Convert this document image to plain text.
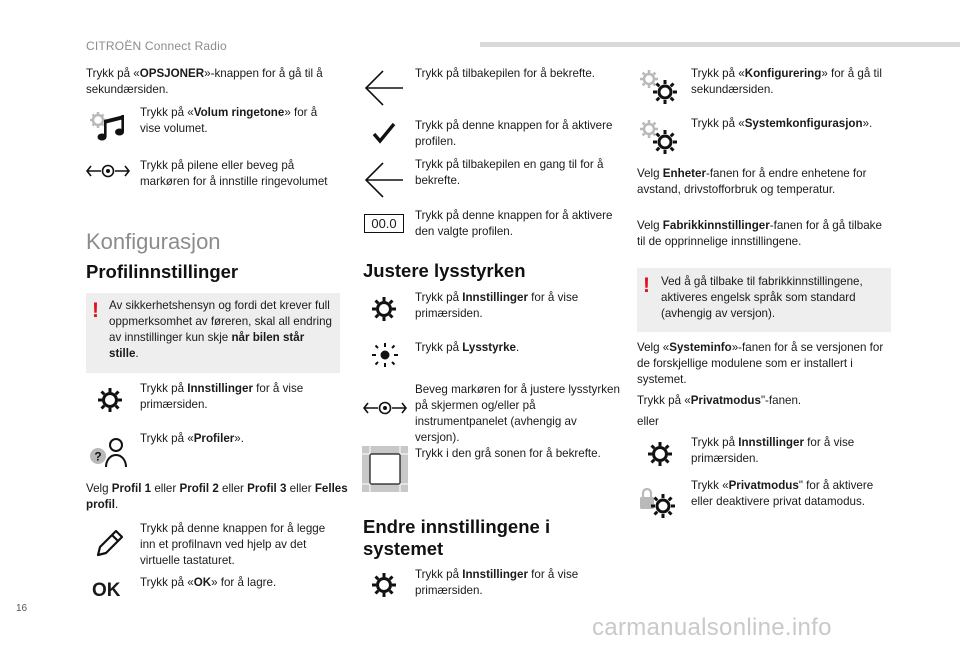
CITROËN Connect Radio
Trykk på «OPSJONER»-knappen for å gå til å sekundærsiden.
Trykk på «Volum ringetone» for å vise volumet.
Trykk på pilene eller beveg på markøren for å innstille ringevolumet
Konfigurasjon
Profilinnstillinger
! Av sikkerhetshensyn og fordi det krever full oppmerksomhet av føreren, skal all endring av innstillinger kun skje når bilen står stille.
Trykk på Innstillinger for å vise primærsiden.
?
Trykk på «Profiler».
Velg Profil 1 eller Profil 2 eller Profil 3 eller Felles profil.
Trykk på denne knappen for å legge inn et profilnavn ved hjelp av det virtuelle tastaturet.
OK Trykk på «OK» for å lagre.
Trykk på tilbakepilen for å bekrefte.
Trykk på denne knappen for å aktivere profilen.
Trykk på tilbakepilen en gang til for å bekrefte.
00.0
Trykk på denne knappen for å aktivere den valgte profilen.
Justere lysstyrken
Trykk på Innstillinger for å vise primærsiden.
Trykk på Lysstyrke.
Beveg markøren for å justere lysstyrken på skjermen og/eller på instrumentpanelet (avhengig av versjon).
Trykk i den grå sonen for å bekrefte.
Endre innstillingene i
systemet
Trykk på Innstillinger for å vise primærsiden.
Trykk på «Konfigurering» for å gå til sekundærsiden.
Trykk på «Systemkonfigurasjon».
Velg Enheter-fanen for å endre enhetene for avstand, drivstofforbruk og temperatur.
Velg Fabrikkinnstillinger-fanen for å gå tilbake til de opprinnelige innstillingene.
! Ved å gå tilbake til fabrikkinnstillingene, aktiveres engelsk språk som standard (avhengig av versjon).
Velg «Systeminfo»-fanen for å se versjonen for de forskjellige modulene som er installert i systemet.
Trykk på «Privatmodus"-fanen.
eller
Trykk på Innstillinger for å vise primærsiden.
Trykk «Privatmodus" for å aktivere eller deaktivere privat datamodus.
16
carmanualsonline.info
